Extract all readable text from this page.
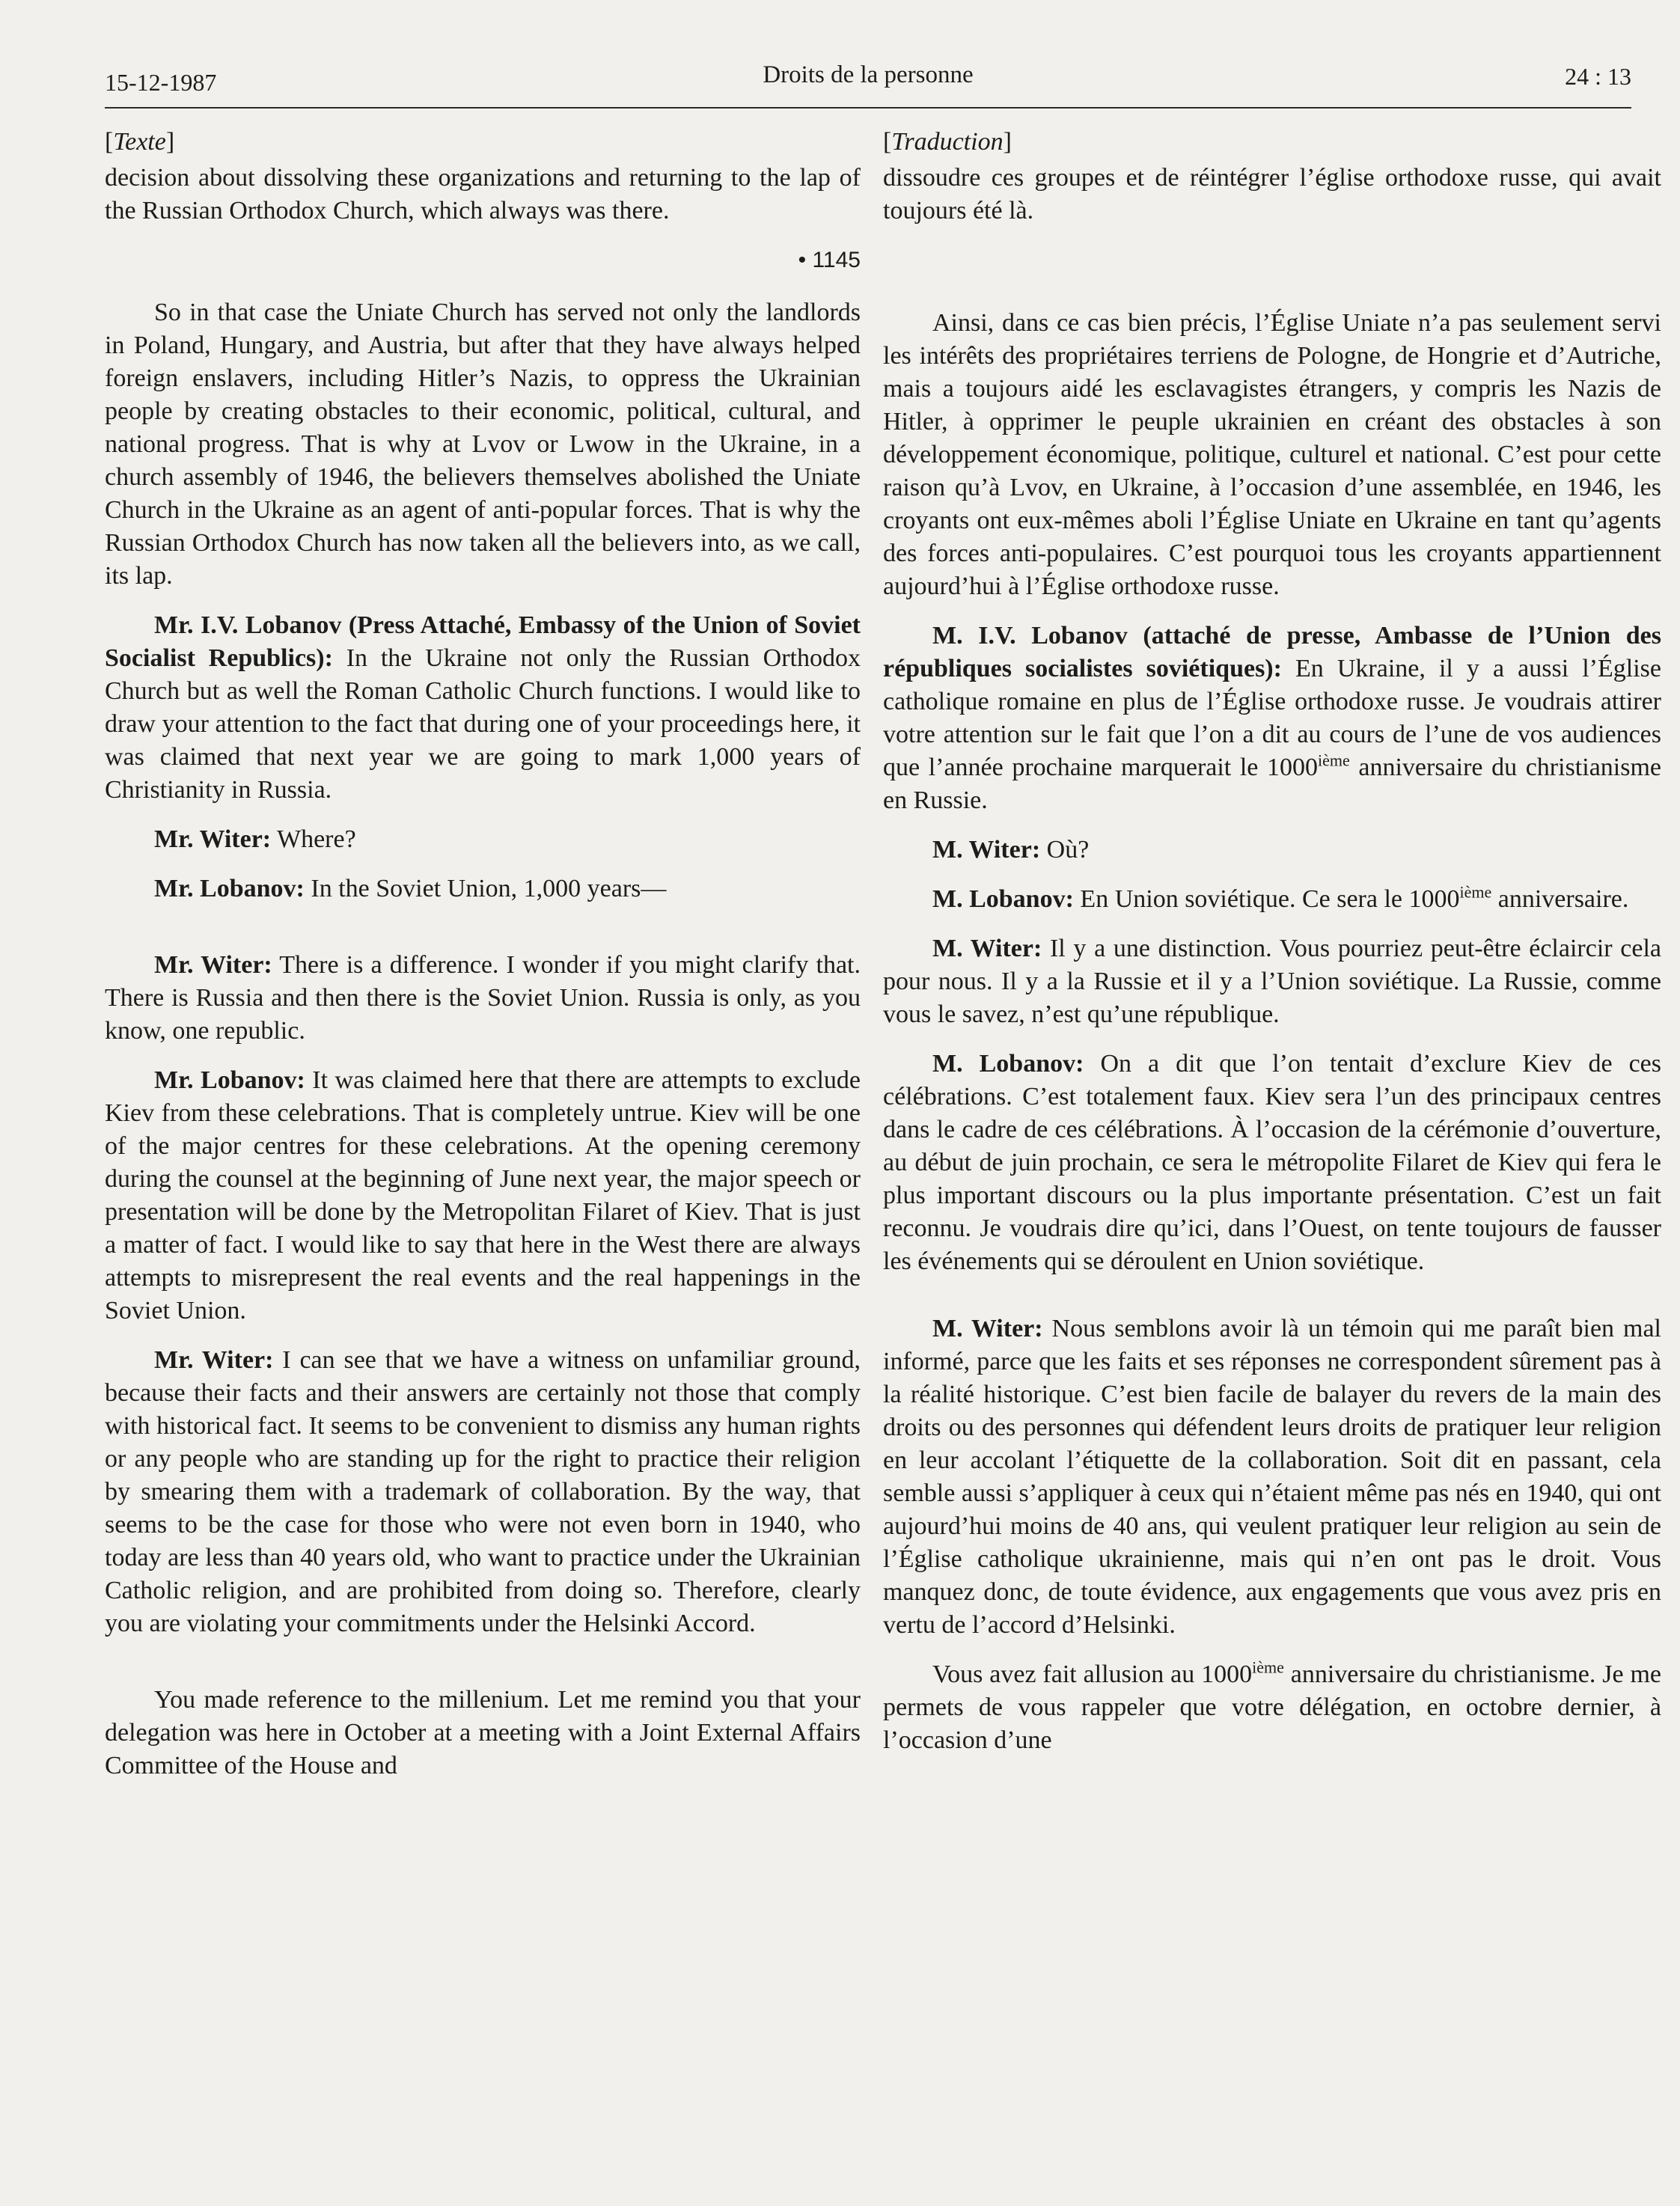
15-12-1987	Droits de la personne	24 : 13
[Texte]

decision about dissolving these organizations and returning to the lap of the Russian Orthodox Church, which always was there.

• 1145

So in that case the Uniate Church has served not only the landlords in Poland, Hungary, and Austria, but after that they have always helped foreign enslavers, including Hitler’s Nazis, to oppress the Ukrainian people by creating obstacles to their economic, political, cultural, and national progress. That is why at Lvov or Lwow in the Ukraine, in a church assembly of 1946, the believers themselves abolished the Uniate Church in the Ukraine as an agent of anti-popular forces. That is why the Russian Orthodox Church has now taken all the believers into, as we call, its lap.

Mr. I.V. Lobanov (Press Attaché, Embassy of the Union of Soviet Socialist Republics): In the Ukraine not only the Russian Orthodox Church but as well the Roman Catholic Church functions. I would like to draw your attention to the fact that during one of your proceedings here, it was claimed that next year we are going to mark 1,000 years of Christianity in Russia.

Mr. Witer: Where?

Mr. Lobanov: In the Soviet Union, 1,000 years—

Mr. Witer: There is a difference. I wonder if you might clarify that. There is Russia and then there is the Soviet Union. Russia is only, as you know, one republic.

Mr. Lobanov: It was claimed here that there are attempts to exclude Kiev from these celebrations. That is completely untrue. Kiev will be one of the major centres for these celebrations. At the opening ceremony during the counsel at the beginning of June next year, the major speech or presentation will be done by the Metropolitan Filaret of Kiev. That is just a matter of fact. I would like to say that here in the West there are always attempts to misrepresent the real events and the real happenings in the Soviet Union.

Mr. Witer: I can see that we have a witness on unfamiliar ground, because their facts and their answers are certainly not those that comply with historical fact. It seems to be convenient to dismiss any human rights or any people who are standing up for the right to practice their religion by smearing them with a trademark of collaboration. By the way, that seems to be the case for those who were not even born in 1940, who today are less than 40 years old, who want to practice under the Ukrainian Catholic religion, and are prohibited from doing so. Therefore, clearly you are violating your commitments under the Helsinki Accord.

You made reference to the millenium. Let me remind you that your delegation was here in October at a meeting with a Joint External Affairs Committee of the House and

[Traduction]

dissoudre ces groupes et de réintégrer l’église orthodoxe russe, qui avait toujours été là.

Ainsi, dans ce cas bien précis, l’Église Uniate n’a pas seulement servi les intérêts des propriétaires terriens de Pologne, de Hongrie et d’Autriche, mais a toujours aidé les esclavagistes étrangers, y compris les Nazis de Hitler, à opprimer le peuple ukrainien en créant des obstacles à son développement économique, politique, culturel et national. C’est pour cette raison qu’à Lvov, en Ukraine, à l’occasion d’une assemblée, en 1946, les croyants ont eux-mêmes aboli l’Église Uniate en Ukraine en tant qu’agents des forces anti-populaires. C’est pourquoi tous les croyants appartiennent aujourd’hui à l’Église orthodoxe russe.

M. I.V. Lobanov (attaché de presse, Ambasse de l’Union des républiques socialistes soviétiques): En Ukraine, il y a aussi l’Église catholique romaine en plus de l’Église orthodoxe russe. Je voudrais attirer votre attention sur le fait que l’on a dit au cours de l’une de vos audiences que l’année prochaine marquerait le 1000ième anniversaire du christianisme en Russie.

M. Witer: Où?

M. Lobanov: En Union soviétique. Ce sera le 1000ième anniversaire.

M. Witer: Il y a une distinction. Vous pourriez peut-être éclaircir cela pour nous. Il y a la Russie et il y a l’Union soviétique. La Russie, comme vous le savez, n’est qu’une république.

M. Lobanov: On a dit que l’on tentait d’exclure Kiev de ces célébrations. C’est totalement faux. Kiev sera l’un des principaux centres dans le cadre de ces célébrations. À l’occasion de la cérémonie d’ouverture, au début de juin prochain, ce sera le métropolite Filaret de Kiev qui fera le plus important discours ou la plus importante présentation. C’est un fait reconnu. Je voudrais dire qu’ici, dans l’Ouest, on tente toujours de fausser les événements qui se déroulent en Union soviétique.

M. Witer: Nous semblons avoir là un témoin qui me paraît bien mal informé, parce que les faits et ses réponses ne correspondent sûrement pas à la réalité historique. C’est bien facile de balayer du revers de la main des droits ou des personnes qui défendent leurs droits de pratiquer leur religion en leur accolant l’étiquette de la collaboration. Soit dit en passant, cela semble aussi s’appliquer à ceux qui n’étaient même pas nés en 1940, qui ont aujourd’hui moins de 40 ans, qui veulent pratiquer leur religion au sein de l’Église catholique ukrainienne, mais qui n’en ont pas le droit. Vous manquez donc, de toute évidence, aux engagements que vous avez pris en vertu de l’accord d’Helsinki.

Vous avez fait allusion au 1000ième anniversaire du christianisme. Je me permets de vous rappeler que votre délégation, en octobre dernier, à l’occasion d’une
